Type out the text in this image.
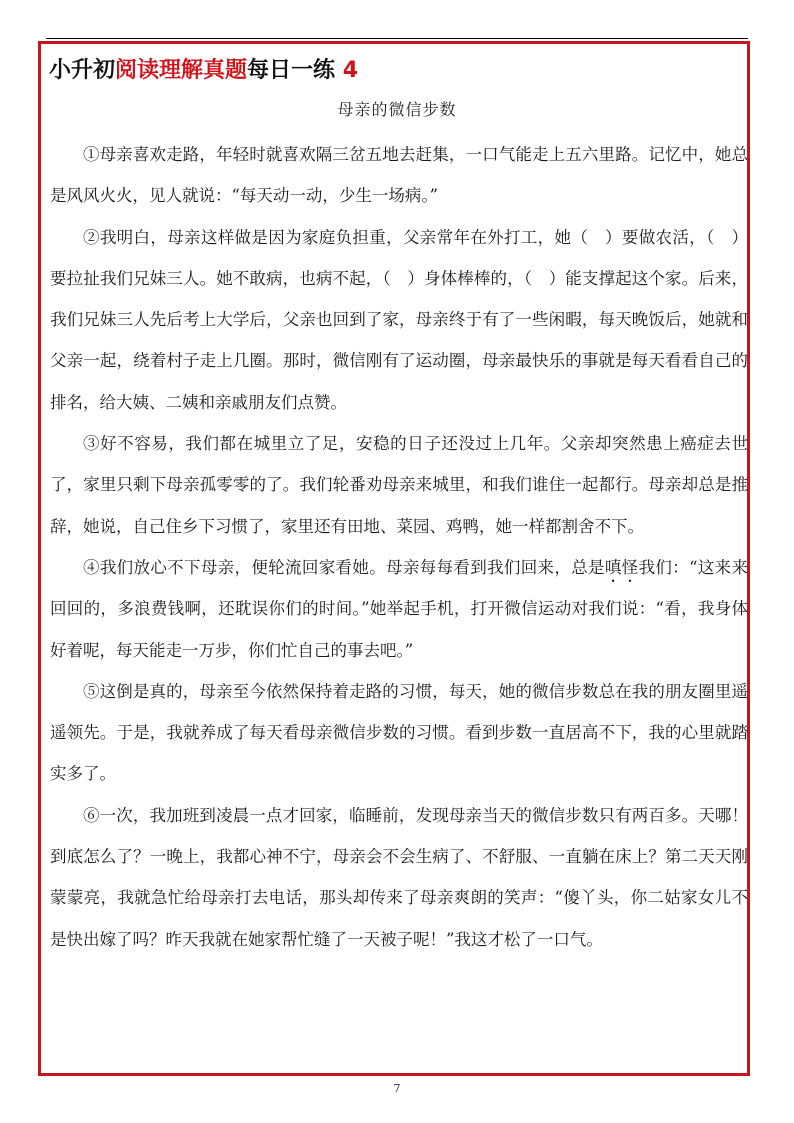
小升初阅读理解真题每日一练 4
母亲的微信步数

①母亲喜欢走路，年轻时就喜欢隔三岔五地去赶集，一口气能走上五六里路。记忆中，她总是风风火火，见人就说：“每天动一动，少生一场病。”

②我明白，母亲这样做是因为家庭负担重，父亲常年在外打工，她（　）要做农活，（　）要拉扯我们兄妹三人。她不敢病，也病不起，（　）身体棒棒的，（　）能支撑起这个家。后来，我们兄妹三人先后考上大学后，父亲也回到了家，母亲终于有了一些闲暇，每天晚饭后，她就和父亲一起，绕着村子走上几圈。那时，微信刚有了运动圈，母亲最快乐的事就是每天看看自己的排名，给大姨、二姨和亲戚朋友们点赞。

③好不容易，我们都在城里立了足，安稳的日子还没过上几年。父亲却突然患上癌症去世了，家里只剩下母亲孤零零的了。我们轮番劝母亲来城里，和我们谁住一起都行。母亲却总是推辞，她说，自己住乡下习惯了，家里还有田地、菜园、鸡鸭，她一样都割舍不下。

④我们放心不下母亲，便轮流回家看她。母亲每每看到我们回来，总是嗔怪我们：“这来来回回的，多浪费钱啊，还耽误你们的时间。”她举起手机，打开微信运动对我们说：“看，我身体好着呢，每天能走一万步，你们忙自己的事去吧。”

⑤这倒是真的，母亲至今依然保持着走路的习惯，每天，她的微信步数总在我的朋友圈里遥遥领先。于是，我就养成了每天看母亲微信步数的习惯。看到步数一直居高不下，我的心里就踏实多了。

⑥一次，我加班到凌晨一点才回家，临睡前，发现母亲当天的微信步数只有两百多。天哪！到底怎么了？一晚上，我都心神不宁，母亲会不会生病了、不舒服、一直躺在床上？第二天天刚蒙蒙亮，我就急忙给母亲打去电话，那头却传来了母亲爽朗的笑声：“傻丫头，你二姑家女儿不是快出嫁了吗？昨天我就在她家帮忙缝了一天被子呢！”我这才松了一口气。

7
